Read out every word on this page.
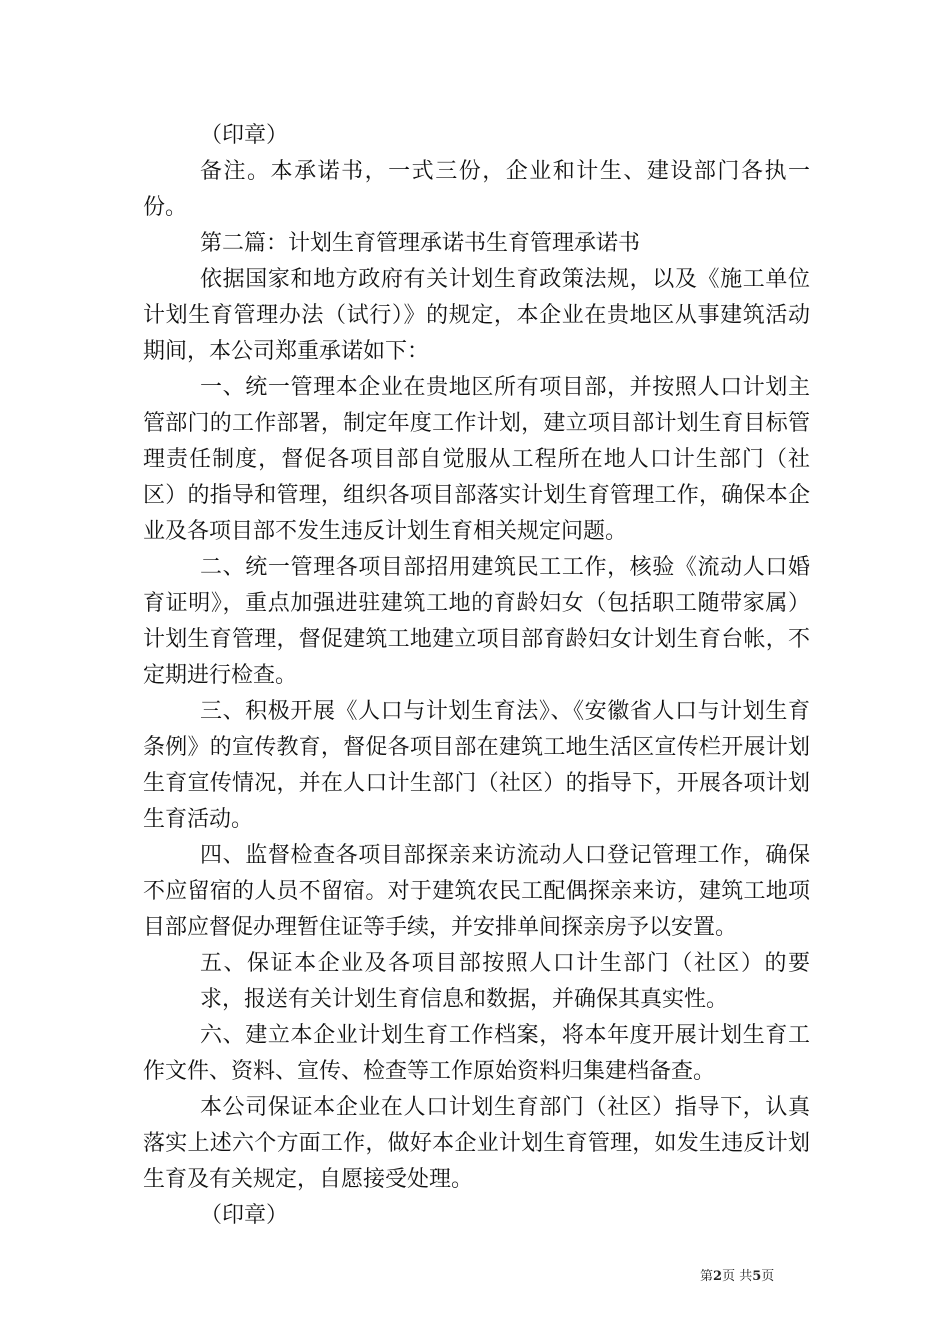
（印章）

备注。本承诺书，一式三份，企业和计生、建设部门各执一份。

第二篇：计划生育管理承诺书生育管理承诺书

依据国家和地方政府有关计划生育政策法规，以及《施工单位计划生育管理办法（试行）》的规定，本企业在贵地区从事建筑活动期间，本公司郑重承诺如下：

一、统一管理本企业在贵地区所有项目部，并按照人口计划主管部门的工作部署，制定年度工作计划，建立项目部计划生育目标管理责任制度，督促各项目部自觉服从工程所在地人口计生部门（社区）的指导和管理，组织各项目部落实计划生育管理工作，确保本企业及各项目部不发生违反计划生育相关规定问题。

二、统一管理各项目部招用建筑民工工作，核验《流动人口婚育证明》，重点加强进驻建筑工地的育龄妇女（包括职工随带家属）计划生育管理，督促建筑工地建立项目部育龄妇女计划生育台帐，不定期进行检查。

三、积极开展《人口与计划生育法》、《安徽省人口与计划生育条例》的宣传教育，督促各项目部在建筑工地生活区宣传栏开展计划生育宣传情况，并在人口计生部门（社区）的指导下，开展各项计划生育活动。

四、监督检查各项目部探亲来访流动人口登记管理工作，确保不应留宿的人员不留宿。对于建筑农民工配偶探亲来访，建筑工地项目部应督促办理暂住证等手续，并安排单间探亲房予以安置。

五、保证本企业及各项目部按照人口计生部门（社区）的要求，报送有关计划生育信息和数据，并确保其真实性。

六、建立本企业计划生育工作档案，将本年度开展计划生育工作文件、资料、宣传、检查等工作原始资料归集建档备查。

本公司保证本企业在人口计划生育部门（社区）指导下，认真落实上述六个方面工作，做好本企业计划生育管理，如发生违反计划生育及有关规定，自愿接受处理。

（印章）

第2页 共5页
